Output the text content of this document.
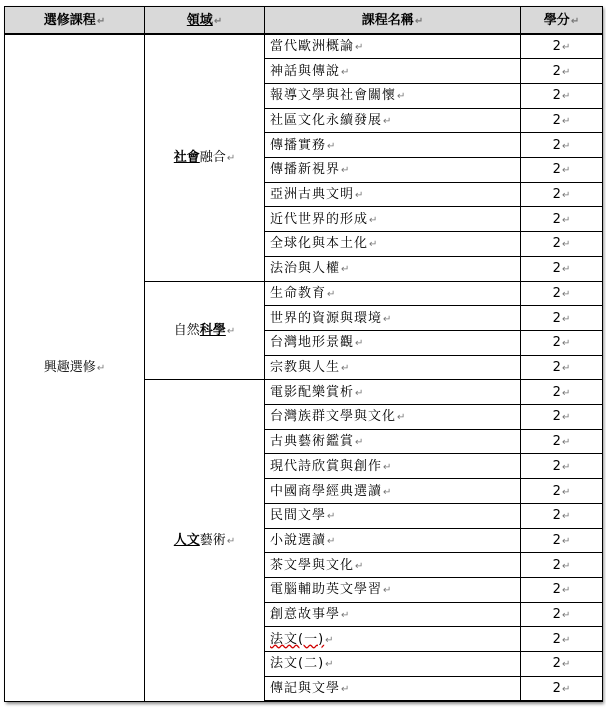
選修課程↵	領域↵	課程名稱↵	學分↵
興趣選修↵	社會融合↵	當代歐洲概論↵	2↵
		神話與傳說↵	2↵
		報導文學與社會關懷↵	2↵
		社區文化永續發展↵	2↵
		傳播實務↵	2↵
		傳播新視界↵	2↵
		亞洲古典文明↵	2↵
		近代世界的形成↵	2↵
		全球化與本土化↵	2↵
		法治與人權↵	2↵
	自然科學↵	生命教育↵	2↵
		世界的資源與環境↵	2↵
		台灣地形景觀↵	2↵
		宗教與人生↵	2↵
	人文藝術↵	電影配樂賞析↵	2↵
		台灣族群文學與文化↵	2↵
		古典藝術鑑賞↵	2↵
		現代詩欣賞與創作↵	2↵
		中國商學經典選讀↵	2↵
		民間文學↵	2↵
		小說選讀↵	2↵
		茶文學與文化↵	2↵
		電腦輔助英文學習↵	2↵
		創意故事學↵	2↵
		法文(一)↵	2↵
		法文(二)↵	2↵
		傳記與文學↵	2↵
